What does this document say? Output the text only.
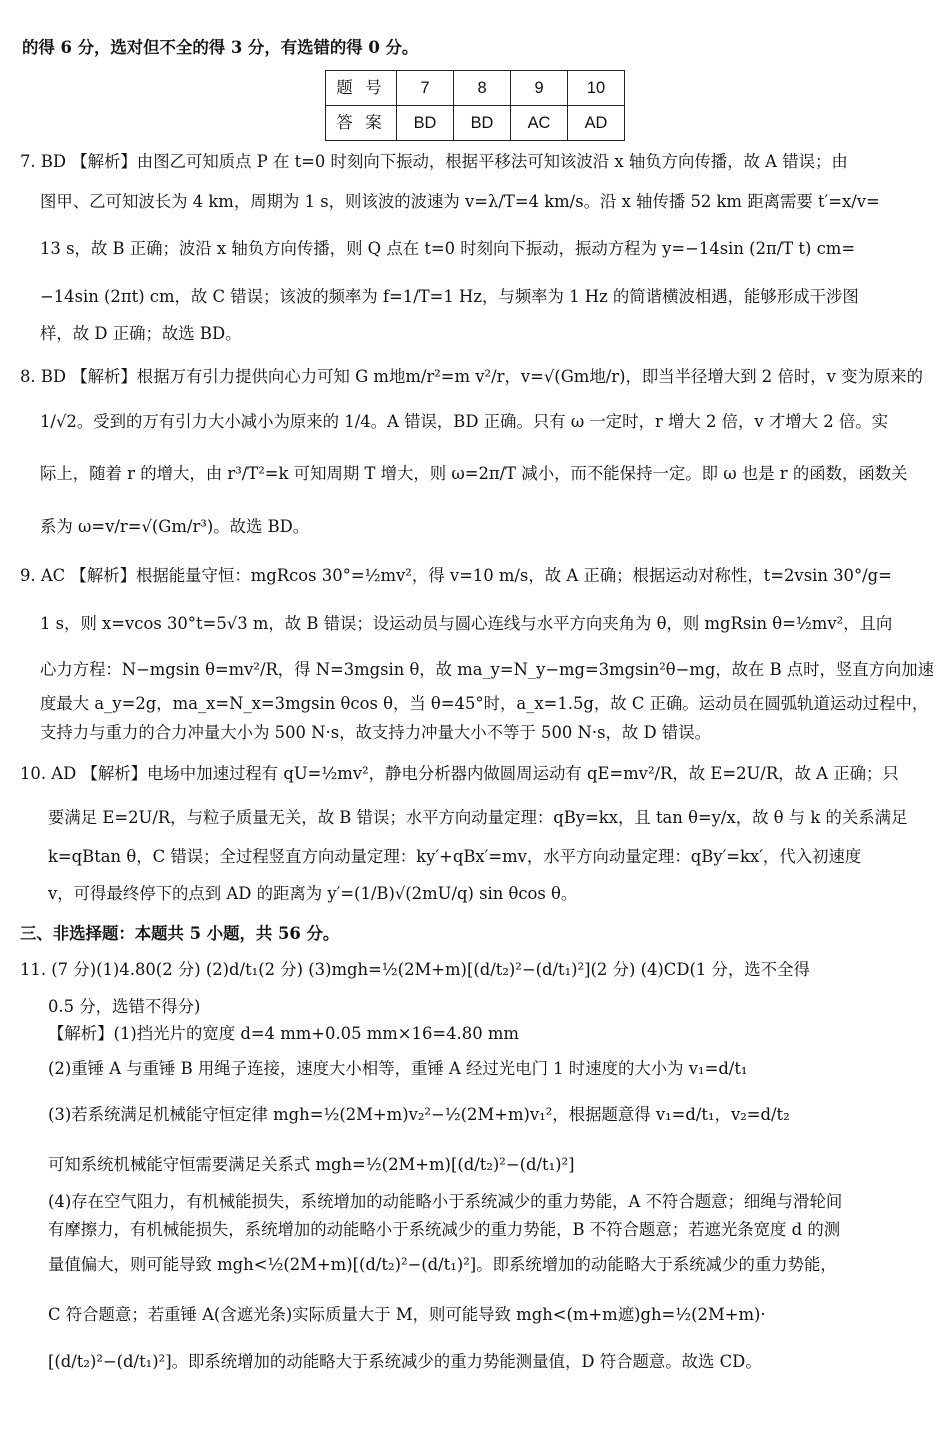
的得 6 分，选对但不全的得 3 分，有选错的得 0 分。

题 号	7	8	9	10
答 案	BD	BD	AC	AD
7. BD 【解析】由图乙可知质点 P 在 t=0 时刻向下振动，根据平移法可知该波沿 x 轴负方向传播，故 A 错误；由
图甲、乙可知波长为 4 km，周期为 1 s，则该波的波速为 v=λ/T=4 km/s。沿 x 轴传播 52 km 距离需要 t′=x/v=
13 s，故 B 正确；波沿 x 轴负方向传播，则 Q 点在 t=0 时刻向下振动，振动方程为 y=−14sin (2π/T t) cm=
−14sin (2πt) cm，故 C 错误；该波的频率为 f=1/T=1 Hz，与频率为 1 Hz 的简谐横波相遇，能够形成干涉图
样，故 D 正确；故选 BD。
8. BD 【解析】根据万有引力提供向心力可知 G m地m/r²=m v²/r，v=√(Gm地/r)，即当半径增大到 2 倍时，v 变为原来的
1/√2。受到的万有引力大小减小为原来的 1/4。A 错误，BD 正确。只有 ω 一定时，r 增大 2 倍，v 才增大 2 倍。实
际上，随着 r 的增大，由 r³/T²=k 可知周期 T 增大，则 ω=2π/T 减小，而不能保持一定。即 ω 也是 r 的函数，函数关
系为 ω=v/r=√(Gm/r³)。故选 BD。
9. AC 【解析】根据能量守恒：mgRcos 30°=½mv²，得 v=10 m/s，故 A 正确；根据运动对称性，t=2vsin 30°/g=
1 s，则 x=vcos 30°t=5√3 m，故 B 错误；设运动员与圆心连线与水平方向夹角为 θ，则 mgRsin θ=½mv²，且向
心力方程：N−mgsin θ=mv²/R，得 N=3mgsin θ，故 ma_y=N_y−mg=3mgsin²θ−mg，故在 B 点时，竖直方向加速
度最大 a_y=2g，ma_x=N_x=3mgsin θcos θ，当 θ=45°时，a_x=1.5g，故 C 正确。运动员在圆弧轨道运动过程中，
支持力与重力的合力冲量大小为 500 N·s，故支持力冲量大小不等于 500 N·s，故 D 错误。
10. AD 【解析】电场中加速过程有 qU=½mv²，静电分析器内做圆周运动有 qE=mv²/R，故 E=2U/R，故 A 正确；只
要满足 E=2U/R，与粒子质量无关，故 B 错误；水平方向动量定理：qBy=kx，且 tan θ=y/x，故 θ 与 k 的关系满足
k=qBtan θ，C 错误；全过程竖直方向动量定理：ky′+qBx′=mv，水平方向动量定理：qBy′=kx′，代入初速度
v，可得最终停下的点到 AD 的距离为 y′=(1/B)√(2mU/q) sin θcos θ。
三、非选择题：本题共 5 小题，共 56 分。
11. (7 分)(1)4.80(2 分) (2)d/t₁(2 分) (3)mgh=½(2M+m)[(d/t₂)²−(d/t₁)²](2 分) (4)CD(1 分，选不全得
0.5 分，选错不得分)
【解析】(1)挡光片的宽度 d=4 mm+0.05 mm×16=4.80 mm
(2)重锤 A 与重锤 B 用绳子连接，速度大小相等，重锤 A 经过光电门 1 时速度的大小为 v₁=d/t₁
(3)若系统满足机械能守恒定律 mgh=½(2M+m)v₂²−½(2M+m)v₁²，根据题意得 v₁=d/t₁，v₂=d/t₂
可知系统机械能守恒需要满足关系式 mgh=½(2M+m)[(d/t₂)²−(d/t₁)²]
(4)存在空气阻力，有机械能损失，系统增加的动能略小于系统减少的重力势能，A 不符合题意；细绳与滑轮间
有摩擦力，有机械能损失，系统增加的动能略小于系统减少的重力势能，B 不符合题意；若遮光条宽度 d 的测
量值偏大，则可能导致 mgh<½(2M+m)[(d/t₂)²−(d/t₁)²]。即系统增加的动能略大于系统减少的重力势能，
C 符合题意；若重锤 A(含遮光条)实际质量大于 M，则可能导致 mgh<(m+m遮)gh=½(2M+m)·
[(d/t₂)²−(d/t₁)²]。即系统增加的动能略大于系统减少的重力势能测量值，D 符合题意。故选 CD。
